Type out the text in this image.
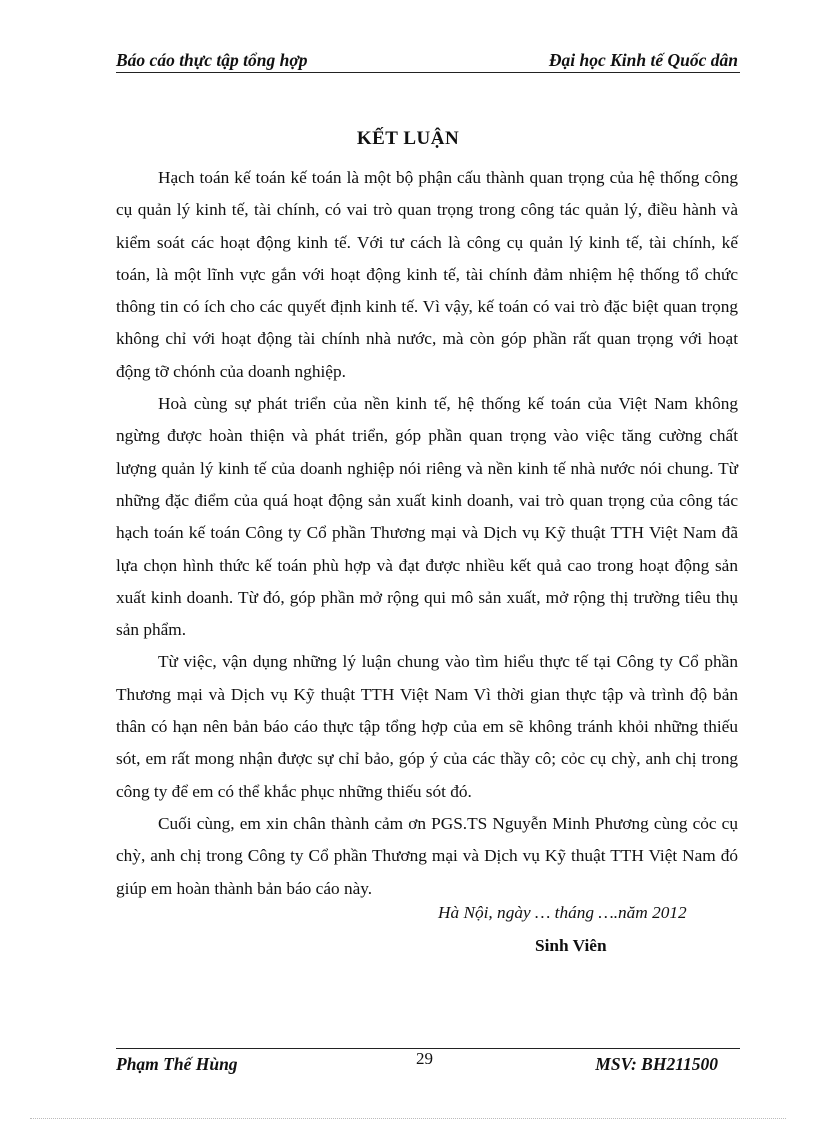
Báo cáo thực tập tổng hợp	Đại học Kinh tế Quốc dân
KẾT LUẬN

Hạch toán kế toán kế toán là một bộ phận cấu thành quan trọng của hệ thống công cụ quản lý kinh tế, tài chính, có vai trò quan trọng trong công tác quản lý, điều hành và kiểm soát các hoạt động kinh tế. Với tư cách là công cụ quản lý kinh tế, tài chính, kế toán, là một lĩnh vực gắn với hoạt động kinh tế, tài chính đảm nhiệm hệ thống tổ chức thông tin có ích cho các quyết định kinh tế. Vì vậy, kế toán có vai trò đặc biệt quan trọng không chỉ với hoạt động tài chính nhà nước, mà còn góp phần rất quan trọng với hoạt động tỡ chónh của doanh nghiệp.

Hoà cùng sự phát triển của nền kinh tế, hệ thống kế toán của Việt Nam không ngừng được hoàn thiện và phát triển, góp phần quan trọng vào việc tăng cường chất lượng quản lý kinh tế của doanh nghiệp nói riêng và nền kinh tế nhà nước nói chung. Từ những đặc điểm của quá hoạt động sản xuất kinh doanh, vai trò quan trọng của công tác hạch toán kế toán Công ty Cổ phần Thương mại và Dịch vụ Kỹ thuật TTH Việt Nam đã lựa chọn hình thức kế toán phù hợp và đạt được nhiều kết quả cao trong hoạt động sản xuất kinh doanh. Từ đó, góp phần mở rộng qui mô sản xuất, mở rộng thị trường tiêu thụ sản phẩm.

Từ việc, vận dụng những lý luận chung vào tìm hiểu thực tế tại Công ty Cổ phần Thương mại và Dịch vụ Kỹ thuật TTH Việt Nam Vì thời gian thực tập và trình độ bản thân có hạn nên bản báo cáo thực tập tổng hợp của em sẽ không tránh khỏi những thiếu sót, em rất mong nhận được sự chỉ bảo, góp ý của các thầy cô; cỏc cụ chỳ, anh chị trong công ty để em có thể khắc phục những thiếu sót đó.

Cuối cùng, em xin chân thành cảm ơn PGS.TS Nguyễn Minh Phương cùng cỏc cụ chỳ, anh chị trong Công ty Cổ phần Thương mại và Dịch vụ Kỹ thuật TTH Việt Nam đó giúp em hoàn thành bản báo cáo này.

Hà Nội, ngày … tháng ….năm 2012
Sinh Viên
Phạm Thế Hùng	29	MSV: BH211500
